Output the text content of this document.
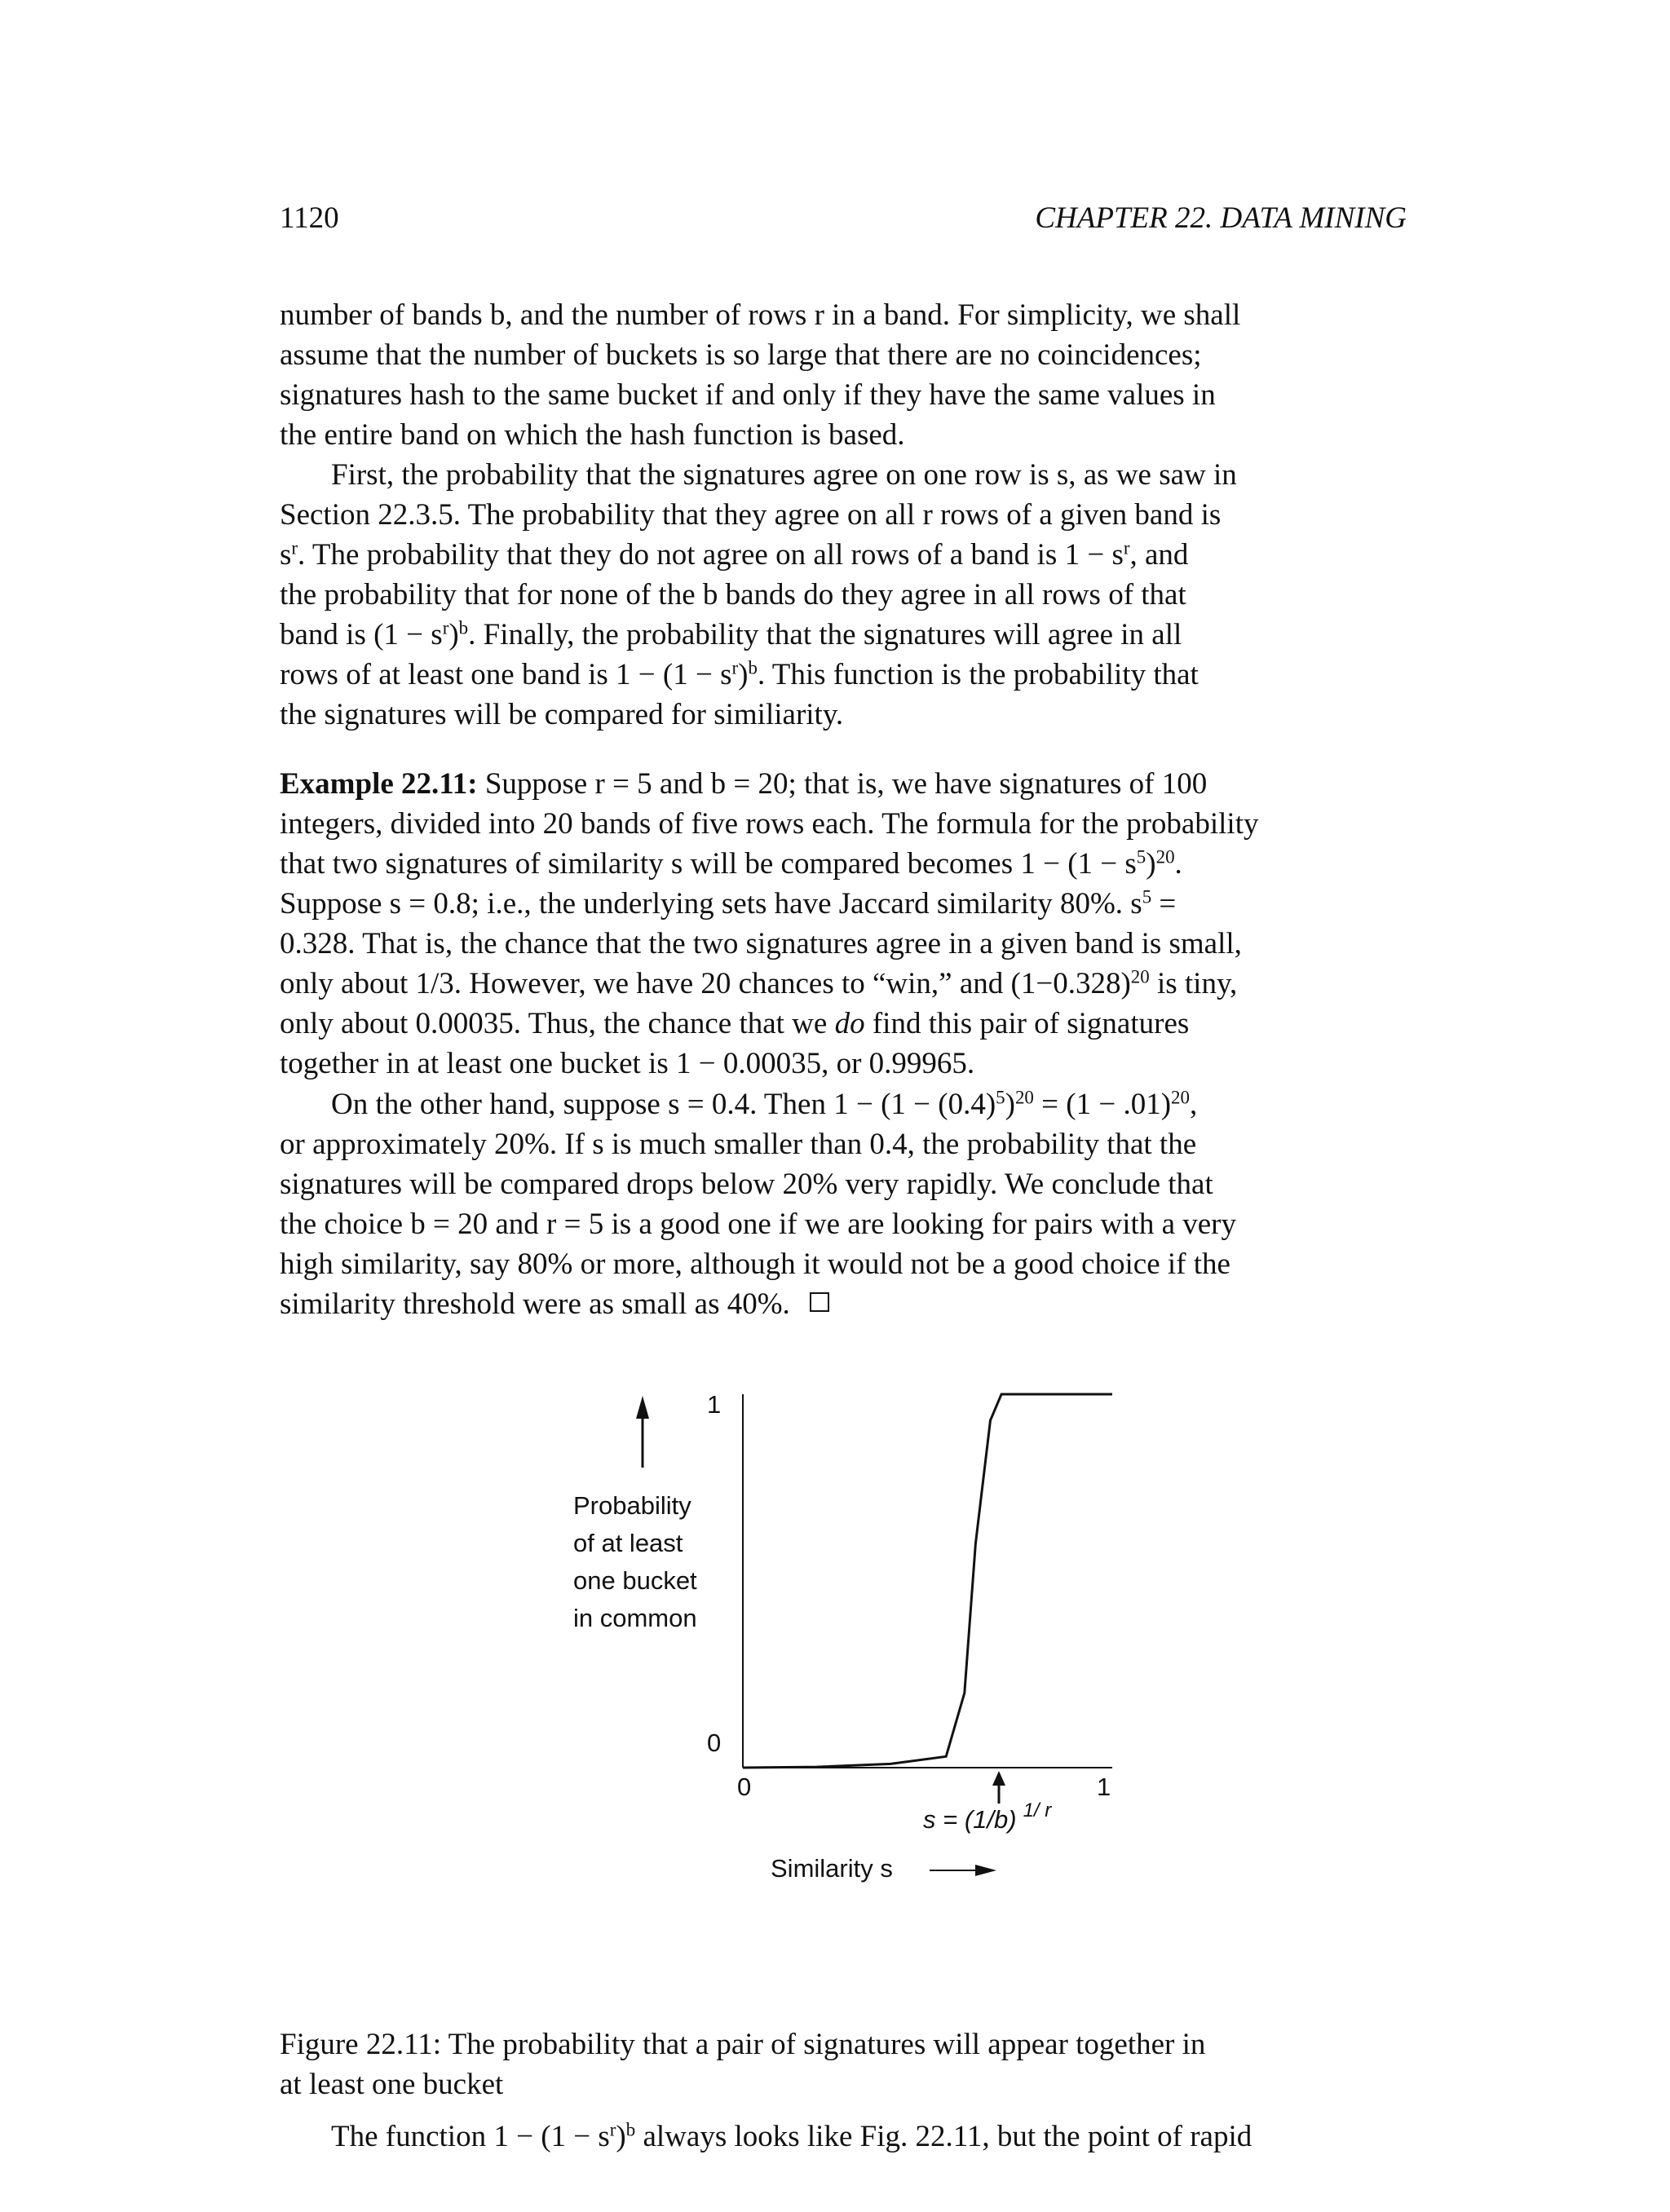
1120	CHAPTER 22. DATA MINING

number of bands b, and the number of rows r in a band. For simplicity, we shall

assume that the number of buckets is so large that there are no coincidences;

signatures hash to the same bucket if and only if they have the same values in

the entire band on which the hash function is based.

First, the probability that the signatures agree on one row is s, as we saw in

Section 22.3.5. The probability that they agree on all r rows of a given band is

$s^r$. The probability that they do not agree on all rows of a band is $1 - s^r$, and

the probability that for none of the b bands do they agree in all rows of that

band is $(1 - s^r)^b$. Finally, the probability that the signatures will agree in all

rows of at least one band is $1 - (1 - s^r)^b$. This function is the probability that

the signatures will be compared for similiarity.

Example 22.11: Suppose r = 5 and b = 20; that is, we have signatures of 100

integers, divided into 20 bands of five rows each. The formula for the probability

that two signatures of similarity s will be compared becomes $1 - (1 - s^5)^{20}$.

Suppose s = 0.8; i.e., the underlying sets have Jaccard similarity 80%. $s^5$ =

0.328. That is, the chance that the two signatures agree in a given band is small,

only about 1/3. However, we have 20 chances to “win,” and $(1-0.328)^{20}$ is tiny,

only about 0.00035. Thus, the chance that we do find this pair of signatures

together in at least one bucket is 1 − 0.00035, or 0.99965.

On the other hand, suppose s = 0.4. Then $1 - (1 - (0.4)^5)^{20} = (1 - .01)^{20}$,

or approximately 20%. If s is much smaller than 0.4, the probability that the

signatures will be compared drops below 20% very rapidly. We conclude that

the choice b = 20 and r = 5 is a good one if we are looking for pairs with a very

high similarity, say 80% or more, although it would not be a good choice if the

similarity threshold were as small as 40%.

1
0
0	1
Probability
of at least
one bucket
in common
s = (1/b) $^{1/ r}$
Similarity s

Figure 22.11: The probability that a pair of signatures will appear together in

at least one bucket

The function $1 - (1 - s^r)^b$ always looks like Fig. 22.11, but the point of rapid
